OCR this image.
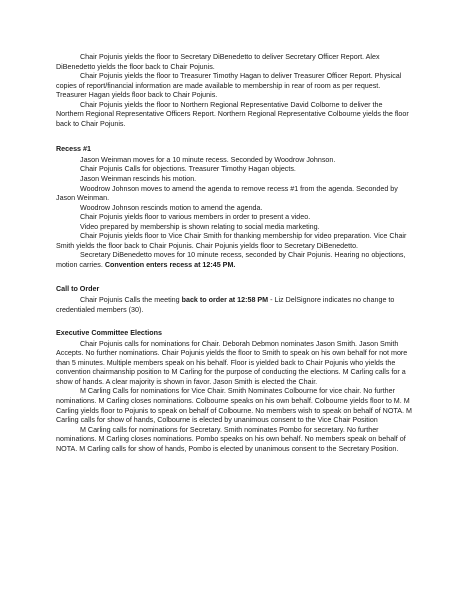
Chair Pojunis yields the floor to Secretary DiBenedetto to deliver Secretary Officer Report. Alex DiBenedetto yields the floor back to Chair Pojunis.

Chair Pojunis yields the floor to Treasurer Timothy Hagan to deliver Treasurer Officer Report. Physical copies of report/financial information are made available to membership in rear of room as per request. Treasurer Hagan yields floor back to Chair Pojunis.

Chair Pojunis yields the floor to Northern Regional Representative David Colborne to deliver the Northern Regional Representative Officers Report. Northern Regional Representative Colbourne yields the floor back to Chair Pojunis.

Recess #1

Jason Weinman moves for a 10 minute recess. Seconded by Woodrow Johnson.

Chair Pojunis Calls for objections. Treasurer Timothy Hagan objects.

Jason Weinman rescinds his motion.

Woodrow Johnson moves to amend the agenda to remove recess #1 from the agenda. Seconded by Jason Weinman.

Woodrow Johnson rescinds motion to amend the agenda.

Chair Pojunis yields floor to various members in order to present a video.

Video prepared by membership is shown relating to social media marketing.

Chair Pojunis yields floor to Vice Chair Smith for thanking membership for video preparation. Vice Chair Smith yields the floor back to Chair Pojunis. Chair Pojunis yields floor to Secretary DiBenedetto.

Secretary DiBenedetto moves for 10 minute recess, seconded by Chair Pojunis. Hearing no objections, motion carries. Convention enters recess at 12:45 PM.

Call to Order

Chair Pojunis Calls the meeting back to order at 12:58 PM - Liz DelSignore indicates no change to credentialed members (30).

Executive Committee Elections

Chair Pojunis calls for nominations for Chair. Deborah Debmon nominates Jason Smith. Jason Smith Accepts. No further nominations. Chair Pojunis yields the floor to Smith to speak on his own behalf for not more than 5 minutes. Multiple members speak on his behalf. Floor is yielded back to Chair Pojunis who yields the convention chairmanship position to M Carling for the purpose of conducting the elections. M Carling calls for a show of hands. A clear majority is shown in favor. Jason Smith is elected the Chair.

M Carling Calls for nominations for Vice Chair. Smith Nominates Colbourne for vice chair. No further nominations. M Carling closes nominations. Colbourne speaks on his own behalf. Colbourne yields floor to M. M Carling yields floor to Pojunis to speak on behalf of Colbourne. No members wish to speak on behalf of NOTA. M Carling calls for show of hands, Colbourne is elected by unanimous consent to the Vice Chair Position

M Carling calls for nominations for Secretary. Smith nominates Pombo for secretary. No further nominations. M Carling closes nominations. Pombo speaks on his own behalf. No members speak on behalf of NOTA. M Carling calls for show of hands, Pombo is elected by unanimous consent to the Secretary Position.
